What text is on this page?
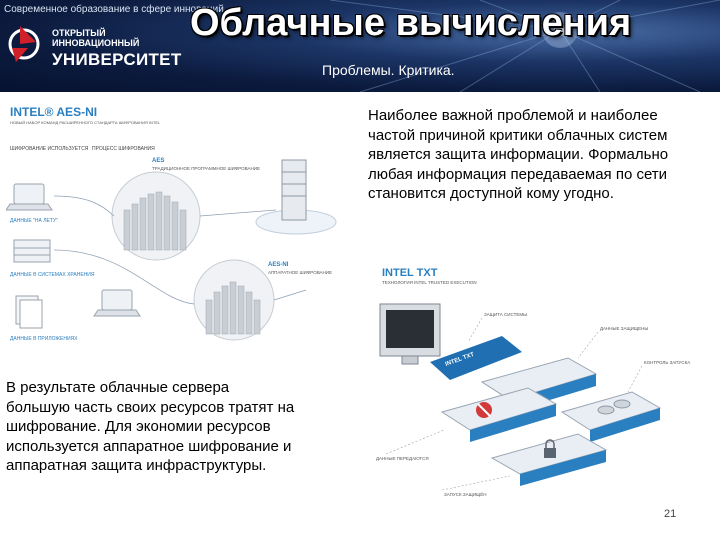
Современное образование в сфере инноваций
ОТКРЫТЫЙ
ИННОВАЦИОННЫЙ
УНИВЕРСИТЕТ
Облачные вычисления
Проблемы. Критика.
INTEL® AES-NI
НОВЫЙ НАБОР КОМАНД РАСШИРЕННОГО СТАНДАРТА ШИФРОВАНИЯ INTEL
ШИФРОВАНИЕ ИСПОЛЬЗУЕТСЯ ПРОЦЕСС ШИФРОВАНИЯ
AES
ТРАДИЦИОННОЕ ПРОГРАММНОЕ ШИФРОВАНИЕ
ДАННЫЕ "НА ЛЕТУ"
ДАННЫЕ В СИСТЕМАХ ХРАНЕНИЯ
ДАННЫЕ В ПРИЛОЖЕНИЯХ
AES-NI
АППАРАТНОЕ ШИФРОВАНИЕ	INTEL TXT
ТЕХНОЛОГИЯ INTEL TRUSTED EXECUTION
INTEL TXT
ЗАЩИТА СИСТЕМЫ
ДАННЫЕ ЗАЩИЩЕНЫ
КОНТРОЛЬ ЗАПУСКА
ДАННЫЕ ПЕРЕДАЮТСЯ
ЗАПУСК ЗАЩИЩЁН
Наиболее важной проблемой и наиболее частой причиной критики облачных систем является защита информации. Формально любая информация передаваемая по сети становится доступной кому угодно.
В результате облачные сервера большую часть своих ресурсов тратят на шифрование. Для экономии ресурсов используется аппаратное шифрование и аппаратная защита инфраструктуры.
21
